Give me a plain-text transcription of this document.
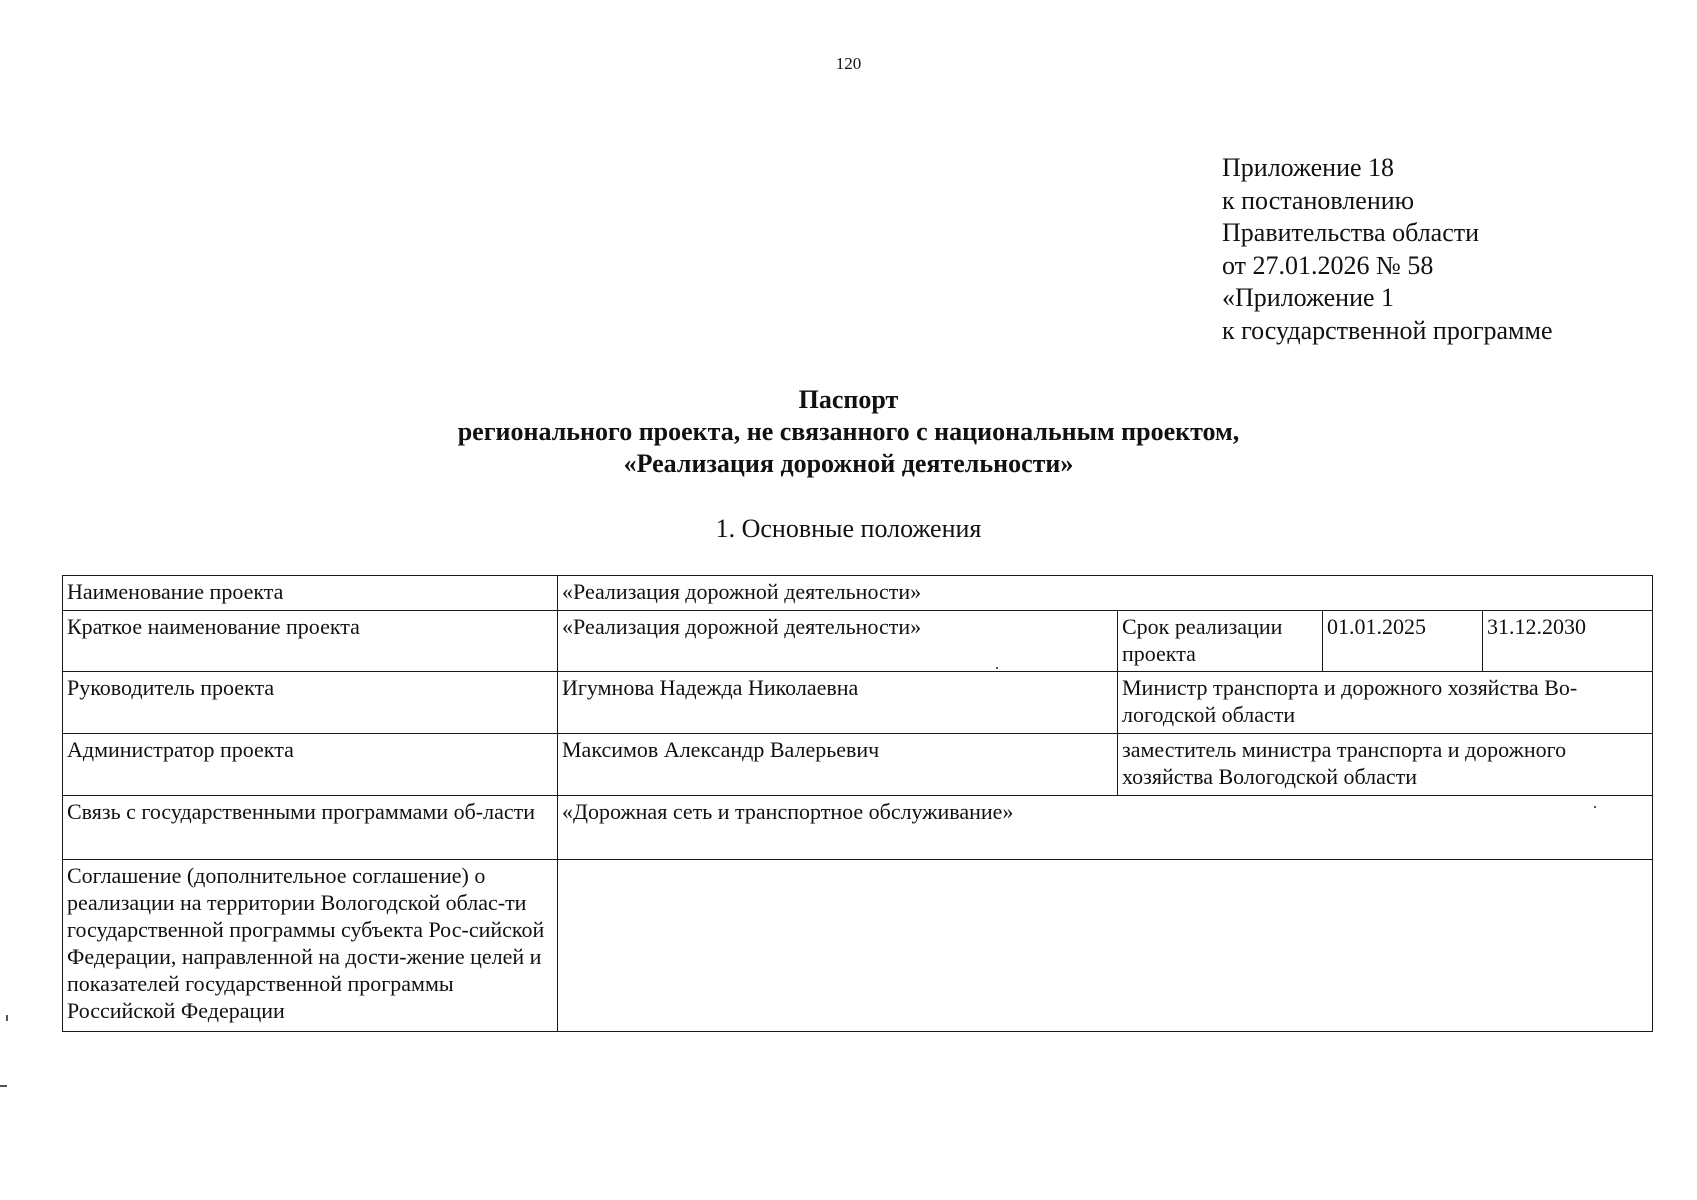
120
Приложение 18
к постановлению
Правительства области
от 27.01.2026 № 58
«Приложение 1
к государственной программе
Паспорт
регионального проекта, не связанного с национальным проектом,
«Реализация дорожной деятельности»
1. Основные положения
Наименование проекта	«Реализация дорожной деятельности»			
Краткое наименование проекта	«Реализация дорожной деятельности»	Срок реализации проекта	01.01.2025	31.12.2030
Руководитель проекта	Игумнова Надежда Николаевна	Министр транспорта и дорожного хозяйства Во-логодской области		
Администратор проекта	Максимов Александр Валерьевич	заместитель министра транспорта и дорожного хозяйства Вологодской области		
Связь с государственными программами об-ласти	«Дорожная сеть и транспортное обслуживание»			
Соглашение (дополнительное соглашение) о реализации на территории Вологодской облас-ти государственной программы субъекта Рос-сийской Федерации, направленной на дости-жение целей и показателей государственной программы Российской Федерации				
